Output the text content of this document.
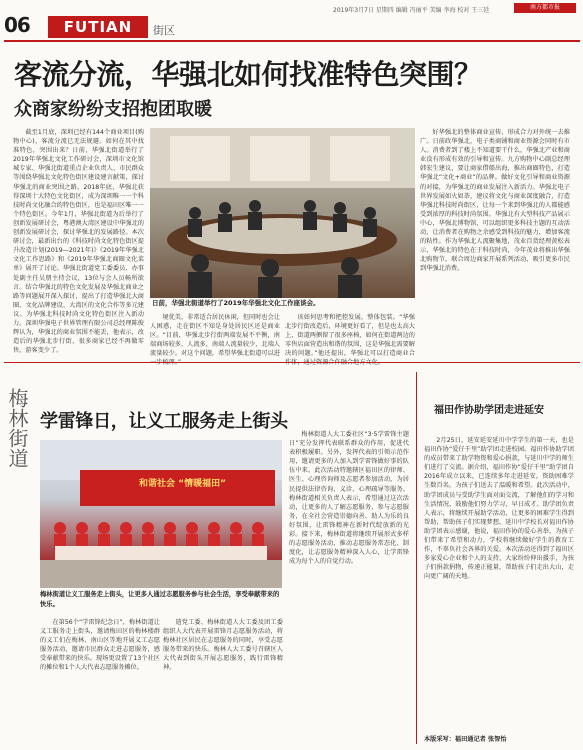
06	FUTIAN	街区
2019年3月7日 星期四 编辑 冯丽平 美编 李海 校对 王三廷	南方都市报
客流分流，华强北如何找准特色突围？
众商家纷纷支招抱团取暖
截至1月底，深圳已经有144个商业项目(购物中心)，客流分流已无法规避。如何在其中找准特色，突围出来？日前，华强北街道举行了2019年华强北文化工作研讨会，深圳市文化馆城专家、华强北街道重点企业负责人、市民群众等围绕华强北文化特色街区建设建言献策，探讨华强北的商业突围之路。2018年底，华强北获得深圳十大特色文化街区，成为深圳唯一一个科技时尚文化融合的特色街区，也是福田区唯一一个特色街区。今年1月，华强北街道为后举行了创新发展研讨会，粤港澳大湾区建设中华强北的创新发展研讨会，探讨华强北的发展路径。本次研讨会，最新出台的《科技时尚文化特色街区提升改造计划(2019—2021年)》《2019年华强北文化工作思路》和《2019年华强北商圈文化菜单》展开了讨论。华强北街道党工委委员、办事处副主任吴朋主持会议，13位与会人员畅所欲言。结合华强北的特色文化发展及华强北商业之路等问题展开深入探讨，提出了打造华强北大商圈、文化品牌建设、大湾区的文化合作等多元建议。为华强北科技时尚文化特色街区注入新动力。深圳华强电子世界管理有限公司总经理陈俊辉认为，华强北的商业氛围不能丢，他表示，改造后的华强北步行街，很多商家已经不再做零售，游客变少了。
日前，华强北街道举行了2019年华强北文化工作座谈会。
境优美，非常适合居民休闲，但同时也会让人困惑，走在街区不知是身处居民区还是商业区。“目前，华强北步行街两端发展不平衡，南端商场较多，人流多，南端人流量较少，北端人流量较少。对这个问题，希望华强北街道可以进
该如何思考和把控发展，整体包装。“华强北步行街改造后，环境更好看了，但是也太高大上，街道两侧留了很多座椅，如何在街道两边的零售店面营造出和谐的氛围，这是华强北需要解决的问题。”他还提出，华强北可以打造商业合
好华强北的整体商业宣传，形成合力对外统一去推广。日前政华强北，电子类商铺和商业资源会同时有市人。消费者到了楼上不知道要干什么，华强北产业和商业没有形成有效的引导和宣传。九方购物中心副总经理韩宏生建议，要让商家借船出海，推出商圈特色，打造华强北“文化+商业”的品牌。做好文化引导和商业资源的对接，为华强北的商业发展注入新活力。华强北电子世界发展如火如荼，建议将文化与商业深度融合，打造华强北科技时尚街区，让每一个来到华强北的人都能感受到浓厚的科技时尚氛围。华强北有大型科技产品展示中心，华强北博物馆，可以组织更多科技主题的互动活动，让消费者在购物之余感受到科技的魅力，增加客流的粘性。作为华强北人流聚集地，茂业百货经理黄松表示，华强北的特色在于科技时尚，今年茂业将推出华强北购物节，联合周边商家开展系列活动，吸引更多市民到华强北消费。
梅林街道 学雷锋日，让义工服务走上街头
和谐社会 “情暖福田”
梅林街道让义工服务走上街头，让更多人通过志愿服务参与社会生活，享受奉献带来的快乐。
在第56个“学雷锋纪念日”，梅林街道让义工服务走上街头，邀请梅田区的梅林楼群的义工们在梅林、南山区等地开展义工志愿服务活动，邀请市民群众走进志愿服务，感受奉献带来的快乐。现场更设置了13个社区的摊位和1个人大代表志愿服务摊位。
遣党工委、梅林街道人大工委及团工委组织人大代表开展雷锋月志愿服务活动，将梅林社区居民在志愿服务的同时，享受志愿服务带来的快乐。梅林人大工委号召辖区人大代表到街头开展志愿服务，践行雷锋精神。
梅林街道人大工委社区“3·5学雷锋主题日”充分发挥代表联系群众的作用，促进代表积极履职。另外，发挥代表的引领示范作用，邀请更多的人加入到学雷锋做好事的队伍中来。此次活动特邀辖区福田区的律师、医生、心理咨询师及志愿者参加活动，为居民提供法律咨询、义诊、心理疏导等服务。梅林街道相关负责人表示，希望通过这次活动，让更多的人了解志愿服务，参与志愿服务，在全社会营造崇德向善、助人为乐的良好氛围，让雷锋精神在新时代绽放新的光彩。接下来，梅林街道将继续开展形式多样的志愿服务活动，推动志愿服务常态化、制度化，让志愿服务精神深入人心，让学雷锋成为每个人的自觉行动。
福田作协助学团走进延安
2月25日，延安延安延川中学学生的第一天，也是福田作协“爱仔千里”助学团走进校园。福田作协助学团的成员带来了助学物资和爱心捐款，与延川中学的师生们进行了交流。据介绍，福田作协“爱仔千里”助学团自2016年成立以来，已连续多年走进延安，资助困难学生数百名，为孩子们送去了温暖和希望。此次活动中，助学团成员与受助学生面对面交流，了解他们的学习和生活情况，鼓励他们努力学习，早日成才。助学团负责人表示，将继续开展助学活动，让更多的困难学生得到帮助，帮助孩子们实现梦想。延川中学校长对福田作协助学团表示感谢，他说，福田作协的爱心善举，为孩子们带来了希望和动力，学校将继续做好学生的教育工作，不辜负社会各界的关爱。本次活动还得到了福田区多家爱心企业和个人的支持，大家纷纷伸出援手，为孩子们捐款捐物，传递正能量，帮助孩子们走出大山，走向更广阔的天地。
本版采写：福田通记者 张智怡
